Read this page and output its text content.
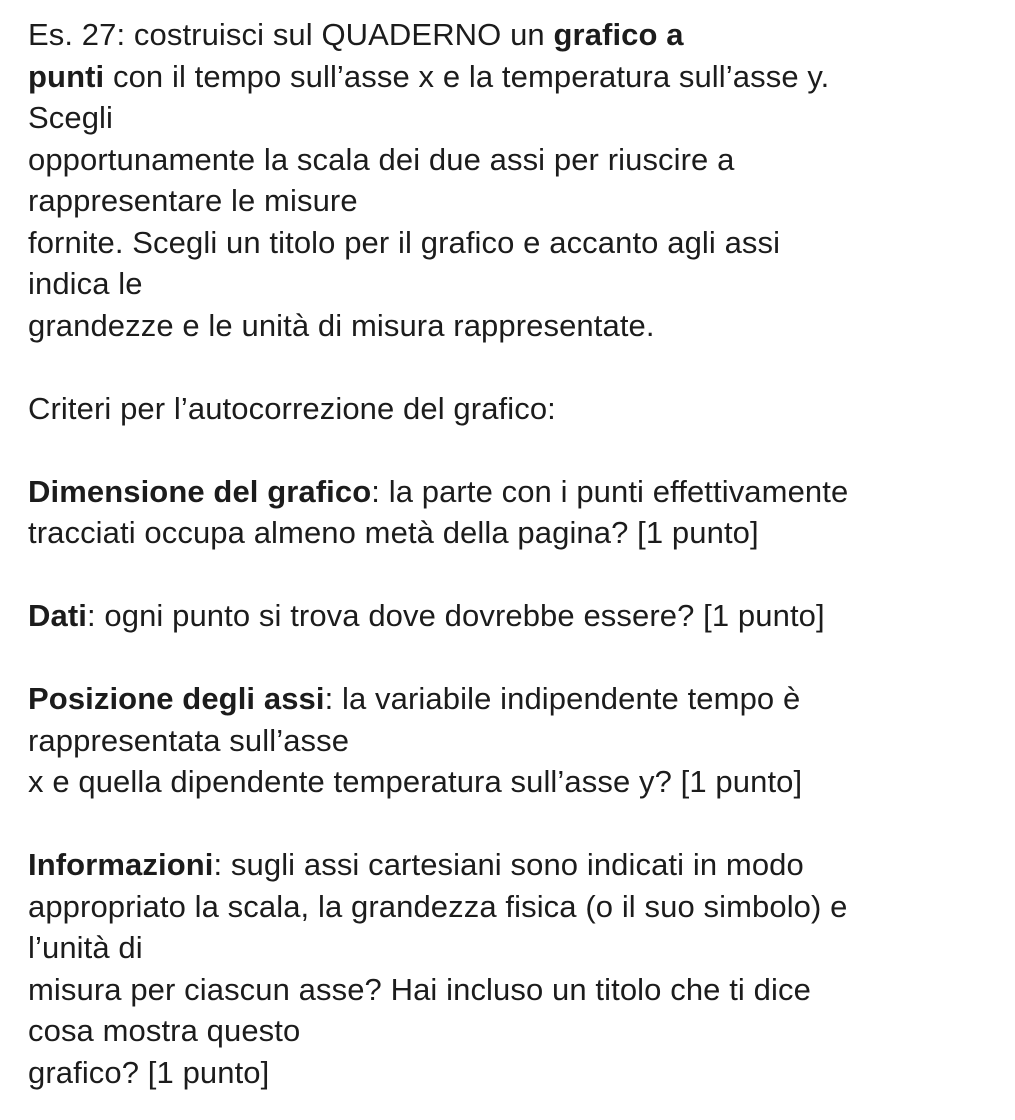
Es. 27: costruisci sul QUADERNO un grafico a
punti con il tempo sull’asse x e la temperatura sull’asse y.
Scegli
opportunamente la scala dei due assi per riuscire a
rappresentare le misure
fornite. Scegli un titolo per il grafico e accanto agli assi
indica le
grandezze e le unità di misura rappresentate.
Criteri per l’autocorrezione del grafico:
Dimensione del grafico: la parte con i punti effettivamente
tracciati occupa almeno metà della pagina? [1 punto]
Dati: ogni punto si trova dove dovrebbe essere? [1 punto]
Posizione degli assi: la variabile indipendente tempo è
rappresentata sull’asse
x e quella dipendente temperatura sull’asse y? [1 punto]
Informazioni: sugli assi cartesiani sono indicati in modo
appropriato la scala, la grandezza fisica (o il suo simbolo) e
l’unità di
misura per ciascun asse? Hai incluso un titolo che ti dice
cosa mostra questo
grafico? [1 punto]
